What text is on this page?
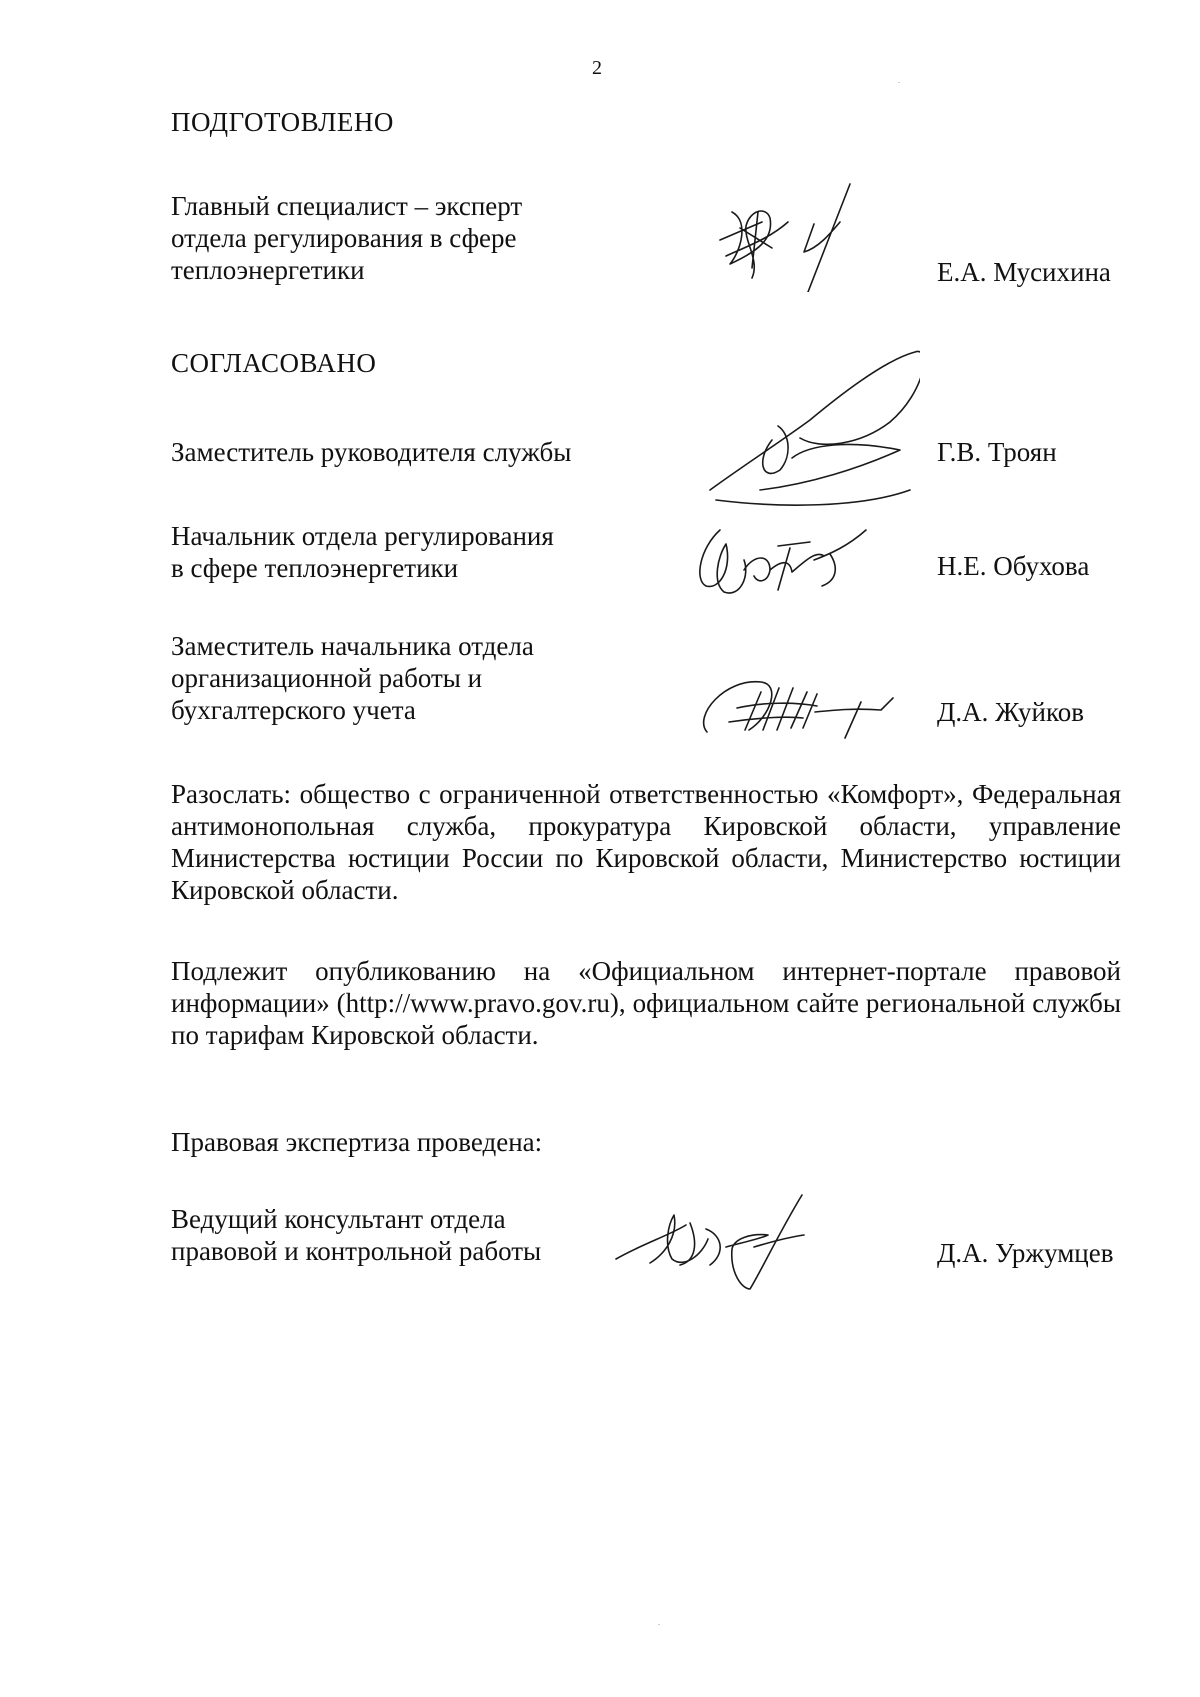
2
ПОДГОТОВЛЕНО
Главный специалист – эксперт
отдела регулирования в сфере
теплоэнергетики	Е.А. Мусихина
СОГЛАСОВАНО
Заместитель руководителя службы	Г.В. Троян
Начальник отдела регулирования
в сфере теплоэнергетики	Н.Е. Обухова
Заместитель начальника отдела
организационной работы и
бухгалтерского учета	Д.А. Жуйков
Разослать: общество с ограниченной ответственностью «Комфорт», Федеральная антимонопольная служба, прокуратура Кировской области, управление Министерства юстиции России по Кировской области, Министерство юстиции Кировской области.
Подлежит опубликованию на «Официальном интернет-портале правовой информации» (http://www.pravo.gov.ru), официальном сайте региональной службы по тарифам Кировской области.
Правовая экспертиза проведена:
Ведущий консультант отдела
правовой и контрольной работы	Д.А. Уржумцев
